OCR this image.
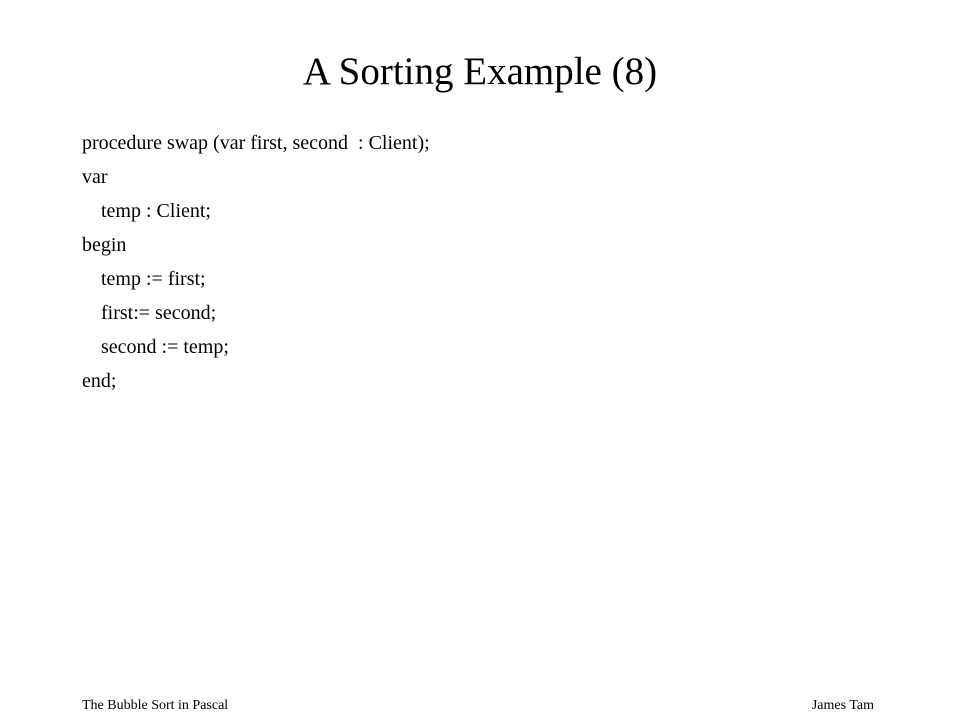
A Sorting Example (8)
procedure swap (var first, second  : Client);
var
temp : Client;
begin
temp := first;
first:= second;
second := temp;
end;
The Bubble Sort in Pascal	James Tam
